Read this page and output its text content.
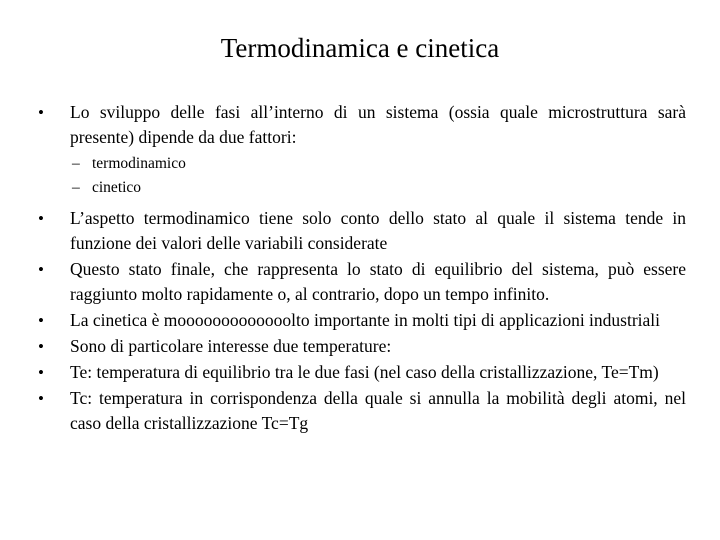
Termodinamica e cinetica
•	Lo sviluppo delle fasi all’interno di un sistema (ossia quale microstruttura sarà presente) dipende da due fattori:
– termodinamico
– cinetico
•	L’aspetto termodinamico tiene solo conto dello stato al quale il sistema tende in funzione dei valori delle variabili considerate
•	Questo stato finale, che rappresenta lo stato di equilibrio del sistema, può essere raggiunto molto rapidamente o, al contrario, dopo un tempo infinito.
•	La cinetica è mooooooooooooolto importante in molti tipi di applicazioni industriali
•	Sono di particolare interesse due temperature:
•	Te: temperatura di equilibrio tra le due fasi (nel caso della cristallizzazione, Te=Tm)
•	Tc: temperatura in corrispondenza della quale si annulla la mobilità degli atomi, nel caso della cristallizzazione Tc=Tg
